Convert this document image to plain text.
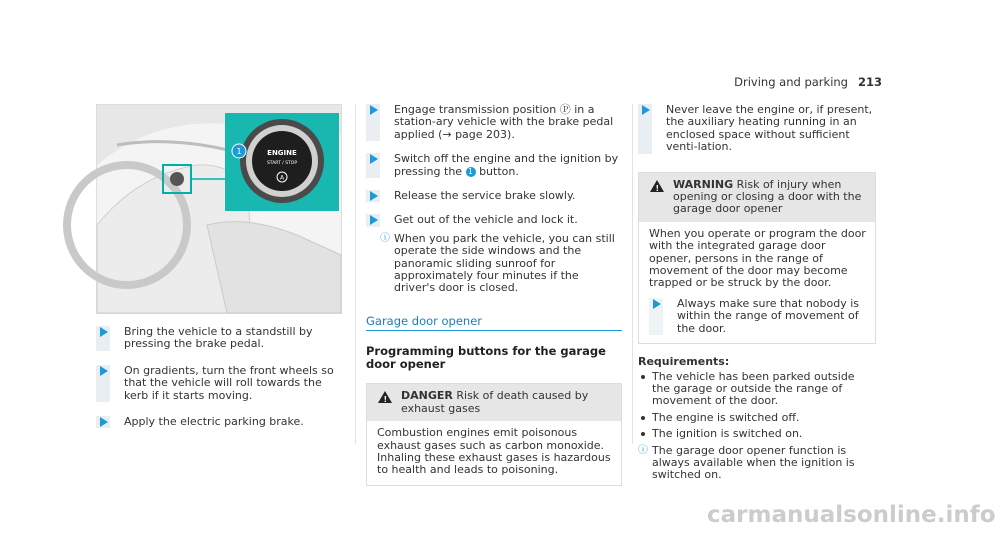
Driving and parking 213
ENGINE
START / STOP
A
1
Bring the vehicle to a standstill by pressing the brake pedal.
On gradients, turn the front wheels so that the vehicle will roll towards the kerb if it starts moving.
Apply the electric parking brake.
Engage transmission position Ⓟ in a station-ary vehicle with the brake pedal applied (→ page 203).
Switch off the engine and the ignition by pressing the 1 button.
Release the service brake slowly.
Get out of the vehicle and lock it.
ⓘ When you park the vehicle, you can still operate the side windows and the panoramic sliding sunroof for approximately four minutes if the driver's door is closed.
Garage door opener
Programming buttons for the garage door opener
! DANGER Risk of death caused by exhaust gases
Combustion engines emit poisonous exhaust gases such as carbon monoxide. Inhaling these exhaust gases is hazardous to health and leads to poisoning.
Never leave the engine or, if present, the auxiliary heating running in an enclosed space without sufficient venti-lation.
! WARNING Risk of injury when opening or closing a door with the garage door opener
When you operate or program the door with the integrated garage door opener, persons in the range of movement of the door may become trapped or be struck by the door.
Always make sure that nobody is within the range of movement of the door.
Requirements:
The vehicle has been parked outside the garage or outside the range of movement of the door.
The engine is switched off.
The ignition is switched on.
ⓘ The garage door opener function is always available when the ignition is switched on.
carmanualsonline.info
